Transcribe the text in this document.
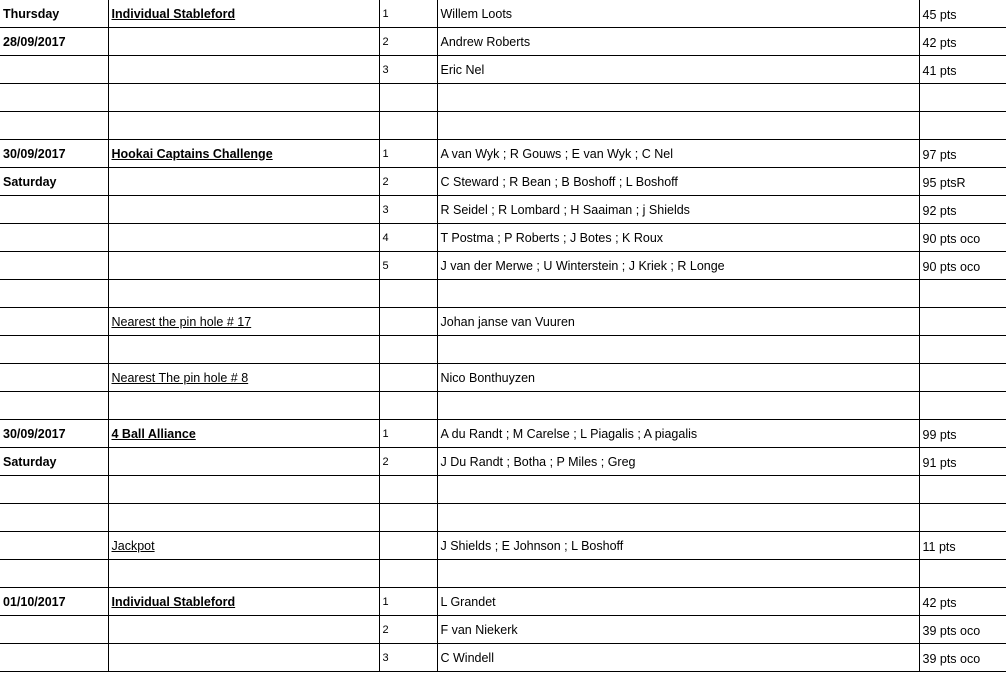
Thursday	Individual Stableford	1	Willem Loots	45 pts
28/09/2017		2	Andrew Roberts	42 pts
		3	Eric Nel	41 pts

30/09/2017	Hookai Captains Challenge	1	A van Wyk ; R Gouws ; E van Wyk ; C Nel	97 pts
Saturday		2	C Steward ; R Bean ; B Boshoff ; L Boshoff	95 ptsR
		3	R Seidel ; R Lombard ; H Saaiman ; j Shields	92 pts
		4	T Postma ; P Roberts ; J Botes ; K Roux	90 pts oco
		5	J van der Merwe ; U Winterstein ; J Kriek ; R Longe	90 pts oco

	Nearest the pin hole # 17		Johan janse van Vuuren	

	Nearest The pin hole # 8		Nico Bonthuyzen	

30/09/2017	4 Ball Alliance	1	A du Randt ; M Carelse ; L Piagalis ; A piagalis	99 pts
Saturday		2	J Du Randt ; Botha ; P Miles ; Greg	91 pts

	Jackpot		J Shields ; E Johnson ; L Boshoff	11 pts

01/10/2017	Individual Stableford	1	L Grandet	42 pts
		2	F van Niekerk	39 pts oco
		3	C Windell	39 pts oco
